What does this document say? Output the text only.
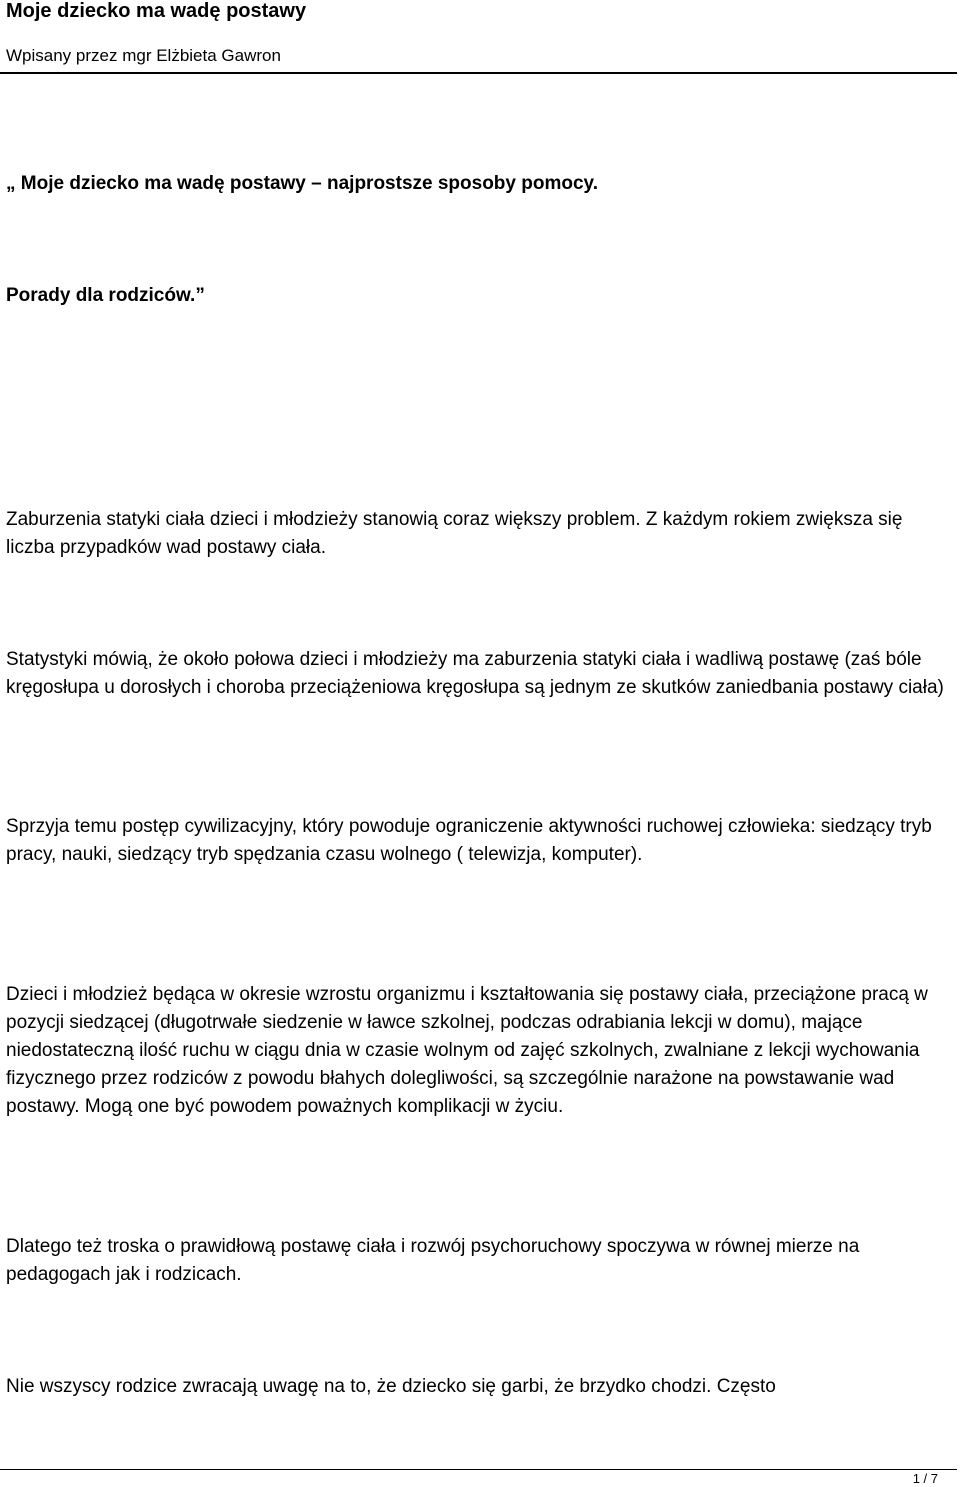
Moje dziecko ma wadę postawy
Wpisany przez mgr Elżbieta Gawron

„ Moje dziecko ma wadę postawy – najprostsze sposoby pomocy.

Porady dla rodziców.”

Zaburzenia statyki ciała dzieci i młodzieży stanowią coraz większy problem. Z każdym rokiem zwiększa się liczba przypadków wad postawy ciała.

Statystyki mówią, że około połowa dzieci i młodzieży ma zaburzenia statyki ciała i wadliwą postawę (zaś bóle kręgosłupa u dorosłych i choroba przeciążeniowa kręgosłupa są jednym ze skutków zaniedbania postawy ciała)

Sprzyja temu postęp cywilizacyjny, który powoduje ograniczenie aktywności ruchowej człowieka: siedzący tryb pracy, nauki, siedzący tryb spędzania czasu wolnego ( telewizja, komputer).

Dzieci i młodzież będąca w okresie wzrostu organizmu i kształtowania się postawy ciała, przeciążone pracą w pozycji siedzącej (długotrwałe siedzenie w ławce szkolnej, podczas odrabiania lekcji w domu), mające niedostateczną ilość ruchu w ciągu dnia w czasie wolnym od zajęć szkolnych, zwalniane z lekcji wychowania fizycznego przez rodziców z powodu błahych dolegliwości, są szczególnie narażone na powstawanie wad postawy. Mogą one być powodem poważnych komplikacji w życiu.

Dlatego też troska o prawidłową postawę ciała i rozwój psychoruchowy spoczywa w równej mierze na pedagogach jak i rodzicach.

Nie wszyscy rodzice zwracają uwagę na to, że dziecko się garbi, że brzydko chodzi. Często

1 / 7
